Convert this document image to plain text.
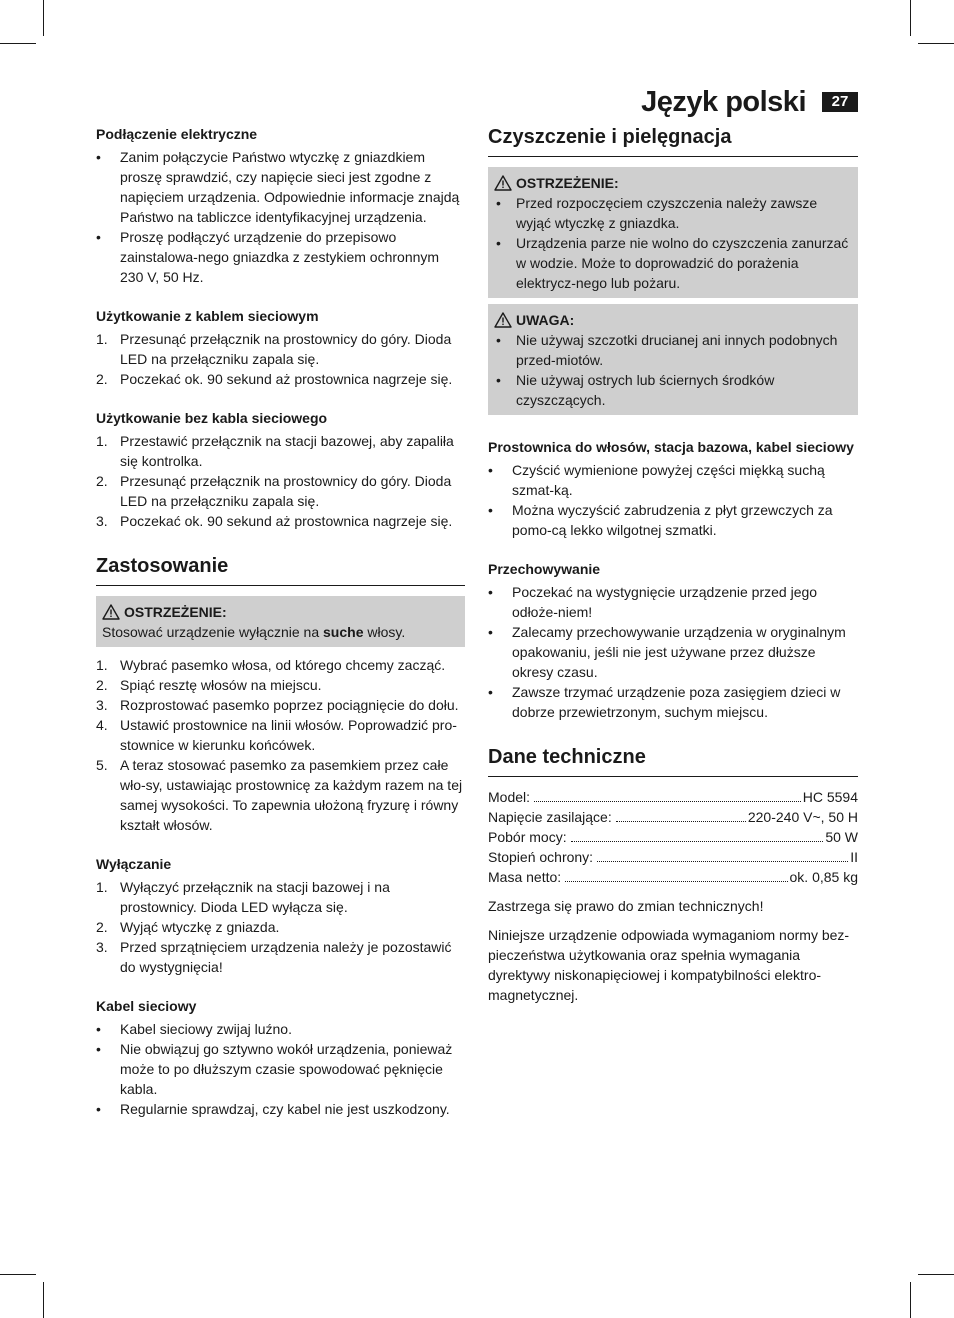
Język polski	27
Podłączenie elektryczne
• Zanim połączycie Państwo wtyczkę z gniazdkiem proszę sprawdzić, czy napięcie sieci jest zgodne z napięciem urządzenia. Odpowiednie informacje znajdą Państwo na tabliczce identyfikacyjnej urządzenia.
• Proszę podłączyć urządzenie do przepisowo zainstalowa-nego gniazdka z zestykiem ochronnym 230 V, 50 Hz.
Użytkowanie z kablem sieciowym
1. Przesunąć przełącznik na prostownicy do góry. Dioda LED na przełączniku zapala się.
2. Poczekać ok. 90 sekund aż prostownica nagrzeje się.
Użytkowanie bez kabla sieciowego
1. Przestawić przełącznik na stacji bazowej, aby zapaliła się kontrolka.
2. Przesunąć przełącznik na prostownicy do góry. Dioda LED na przełączniku zapala się.
3. Poczekać ok. 90 sekund aż prostownica nagrzeje się.
Zastosowanie
OSTRZEŻENIE:
Stosować urządzenie wyłącznie na suche włosy.
1. Wybrać pasemko włosa, od którego chcemy zacząć.
2. Spiąć resztę włosów na miejscu.
3. Rozprostować pasemko poprzez pociągnięcie do dołu.
4. Ustawić prostownice na linii włosów. Poprowadzić pro-stownice w kierunku końcówek.
5. A teraz stosować pasemko za pasemkiem przez całe wło-sy, ustawiając prostownicę za każdym razem na tej samej wysokości. To zapewnia ułożoną fryzurę i równy kształt włosów.
Wyłączanie
1. Wyłączyć przełącznik na stacji bazowej i na prostownicy. Dioda LED wyłącza się.
2. Wyjąć wtyczkę z gniazda.
3. Przed sprzątnięciem urządzenia należy je pozostawić do wystygnięcia!
Kabel sieciowy
• Kabel sieciowy zwijaj luźno.
• Nie obwiązuj go sztywno wokół urządzenia, ponieważ może to po dłuższym czasie spowodować pęknięcie kabla.
• Regularnie sprawdzaj, czy kabel nie jest uszkodzony.
Czyszczenie i pielęgnacja
OSTRZEŻENIE:
• Przed rozpoczęciem czyszczenia należy zawsze wyjąć wtyczkę z gniazdka.
• Urządzenia parze nie wolno do czyszczenia zanurzać w wodzie. Może to doprowadzić do porażenia elektrycz-nego lub pożaru.
UWAGA:
• Nie używaj szczotki drucianej ani innych podobnych przed-miotów.
• Nie używaj ostrych lub ściernych środków czyszczących.
Prostownica do włosów, stacja bazowa, kabel sieciowy
• Czyścić wymienione powyżej części miękką suchą szmat-ką.
• Można wyczyścić zabrudzenia z płyt grzewczych za pomo-cą lekko wilgotnej szmatki.
Przechowywanie
• Poczekać na wystygnięcie urządzenie przed jego odłoże-niem!
• Zalecamy przechowywanie urządzenia w oryginalnym opakowaniu, jeśli nie jest używane przez dłuższe okresy czasu.
• Zawsze trzymać urządzenie poza zasięgiem dzieci w dobrze przewietrzonym, suchym miejscu.
Dane techniczne
Model:	HC 5594
Napięcie zasilające:	220-240 V~, 50 H
Pobór mocy:	50 W
Stopień ochrony:	II
Masa netto:	ok. 0,85 kg

Zastrzega się prawo do zmian technicznych!

Niniejsze urządzenie odpowiada wymaganiom normy bez-pieczeństwa użytkowania oraz spełnia wymagania dyrektywy niskonapięciowej i kompatybilności elektro-magnetycznej.
